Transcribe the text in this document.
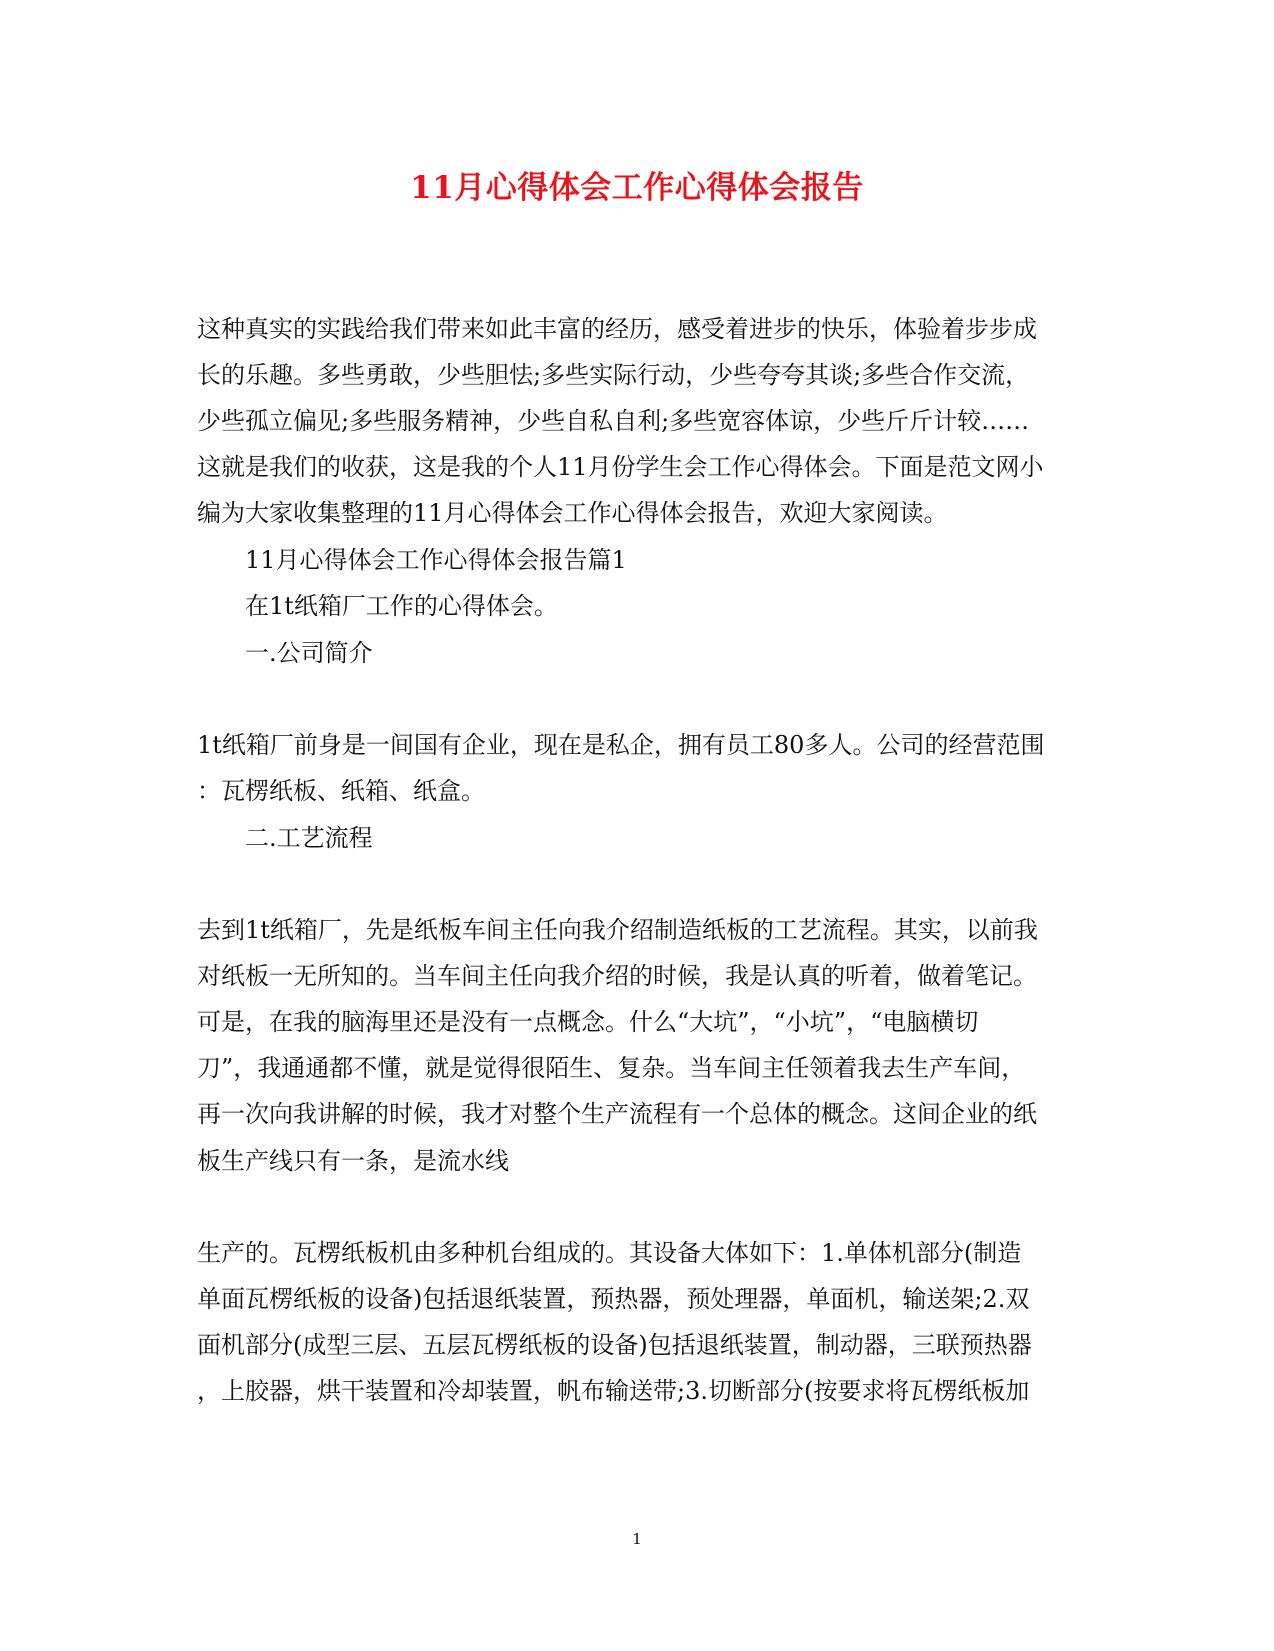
11月心得体会工作心得体会报告
这种真实的实践给我们带来如此丰富的经历，感受着进步的快乐，体验着步步成
长的乐趣。多些勇敢，少些胆怯;多些实际行动，少些夸夸其谈;多些合作交流，
少些孤立偏见;多些服务精神，少些自私自利;多些宽容体谅，少些斤斤计较……
这就是我们的收获，这是我的个人11月份学生会工作心得体会。下面是范文网小
编为大家收集整理的11月心得体会工作心得体会报告，欢迎大家阅读。
11月心得体会工作心得体会报告篇1
在1t纸箱厂工作的心得体会。
一.公司简介
1t纸箱厂前身是一间国有企业，现在是私企，拥有员工80多人。公司的经营范围
：瓦楞纸板、纸箱、纸盒。
二.工艺流程
去到1t纸箱厂，先是纸板车间主任向我介绍制造纸板的工艺流程。其实，以前我
对纸板一无所知的。当车间主任向我介绍的时候，我是认真的听着，做着笔记。
可是，在我的脑海里还是没有一点概念。什么“大坑”，“小坑”，“电脑横切
刀”，我通通都不懂，就是觉得很陌生、复杂。当车间主任领着我去生产车间，
再一次向我讲解的时候，我才对整个生产流程有一个总体的概念。这间企业的纸
板生产线只有一条，是流水线
生产的。瓦楞纸板机由多种机台组成的。其设备大体如下：1.单体机部分(制造
单面瓦楞纸板的设备)包括退纸装置，预热器，预处理器，单面机，输送架;2.双
面机部分(成型三层、五层瓦楞纸板的设备)包括退纸装置，制动器，三联预热器
，上胶器，烘干装置和冷却装置，帆布输送带;3.切断部分(按要求将瓦楞纸板加
1
